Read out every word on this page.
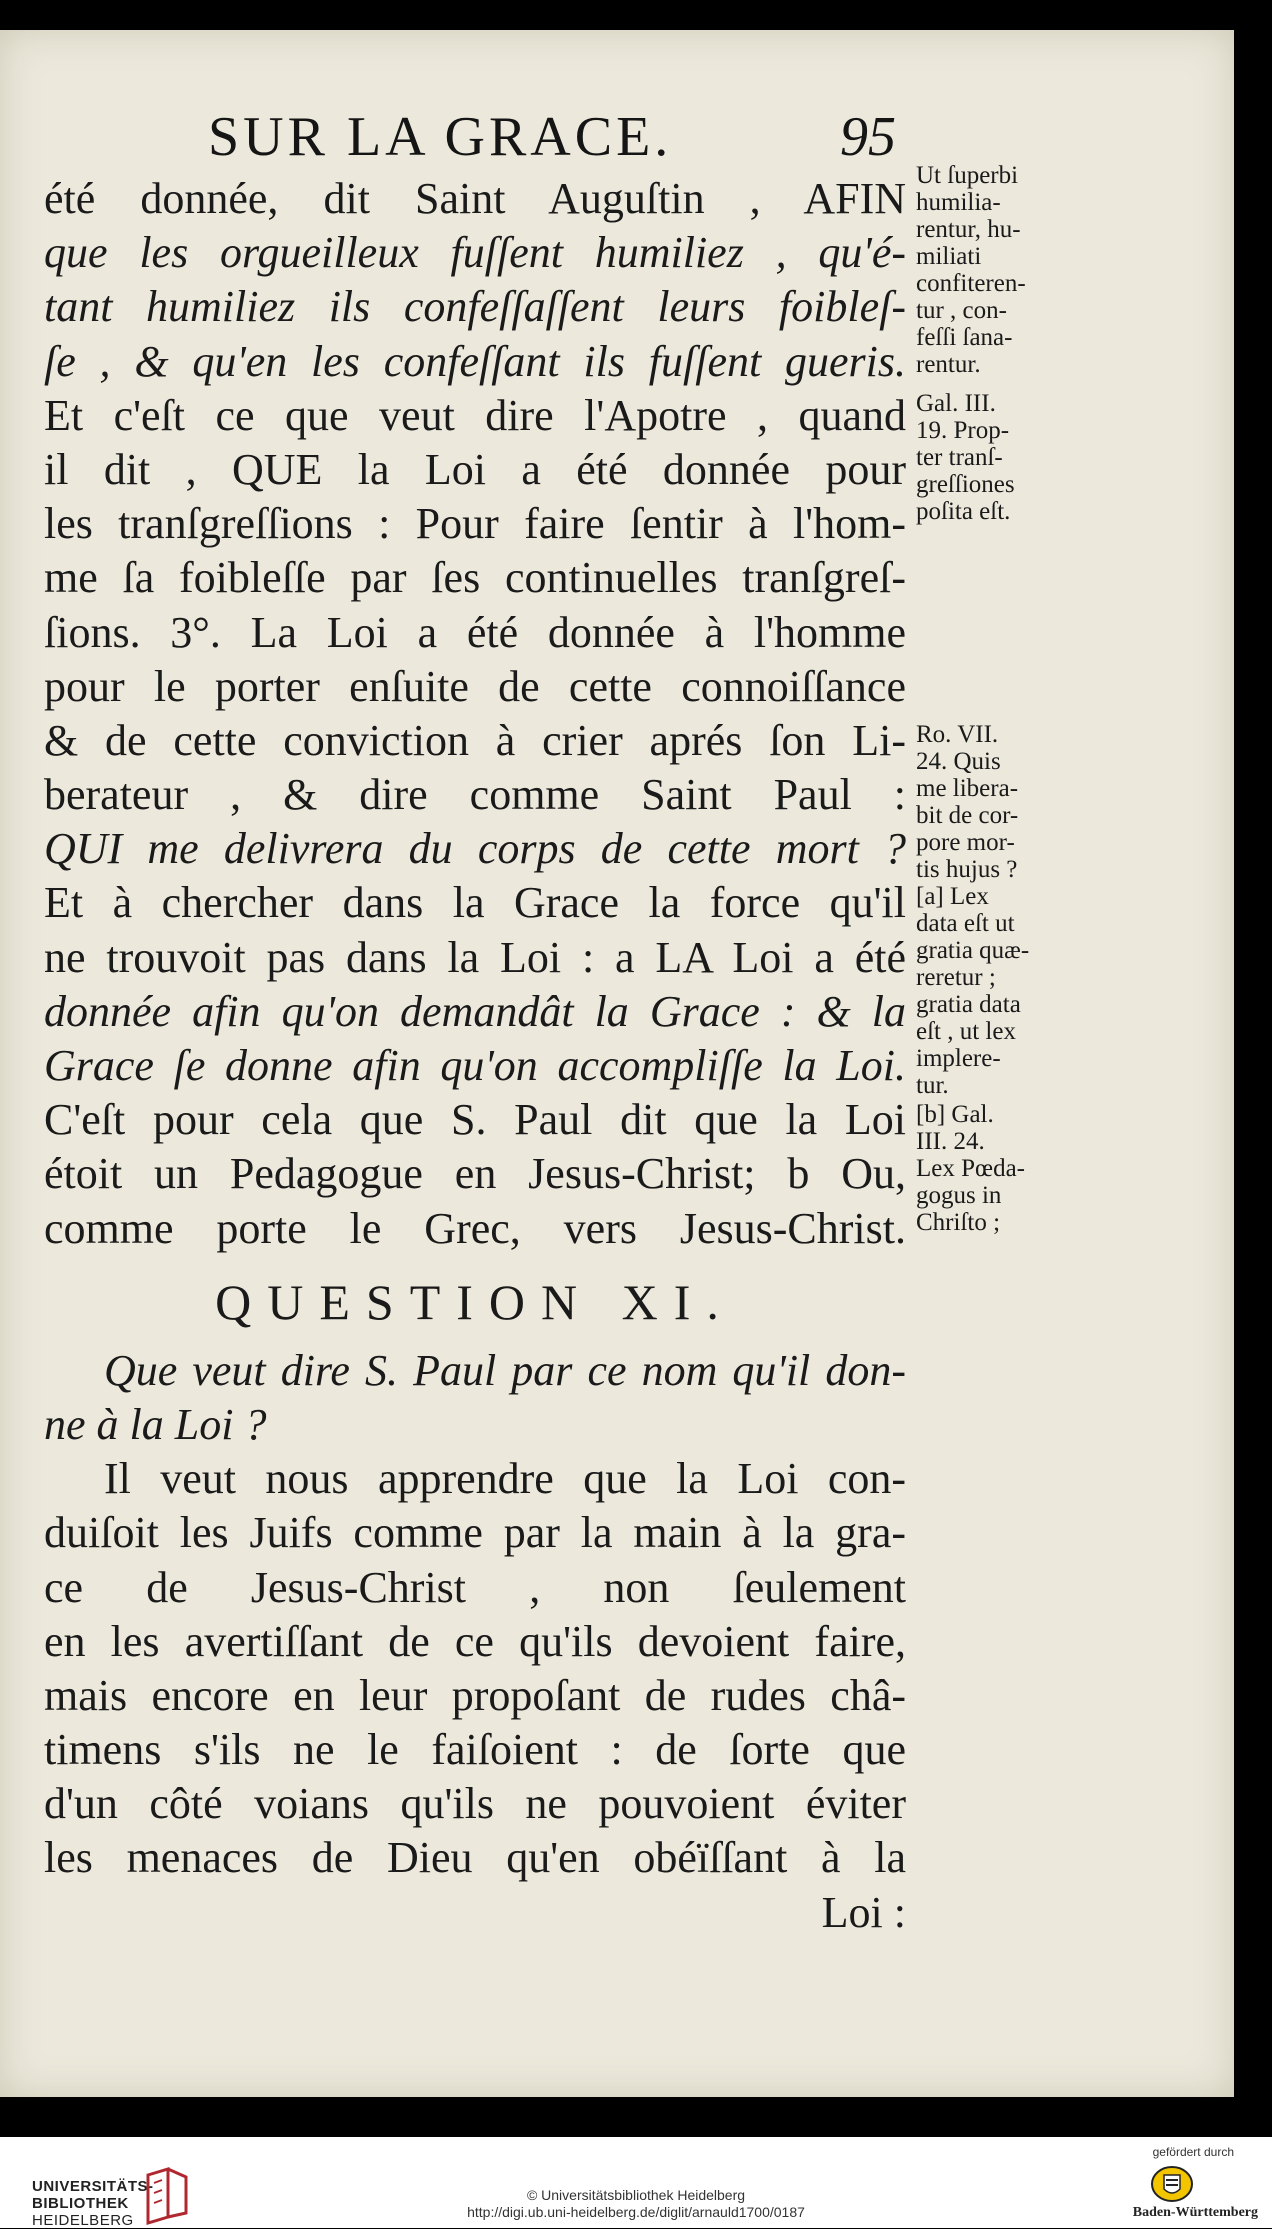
SUR LA GRACE.	95
été donnée, dit Saint Auguſtin , AFIN
que les orgueilleux fuſſent humiliez , qu'é-
tant humiliez ils confeſſaſſent leurs foibleſ-
ſe , & qu'en les confeſſant ils fuſſent gueris.
Et c'eſt ce que veut dire l'Apotre , quand
il dit , QUE la Loi a été donnée pour
les tranſgreſſions : Pour faire ſentir à l'hom-
me ſa foibleſſe par ſes continuelles tranſgreſ-
ſions. 3°. La Loi a été donnée à l'homme
pour le porter enſuite de cette connoiſſance
& de cette conviction à crier aprés ſon Li-
berateur , & dire comme Saint Paul :
QUI me delivrera du corps de cette mort ?
Et à chercher dans la Grace la force qu'il
ne trouvoit pas dans la Loi : a LA Loi a été
donnée afin qu'on demandât la Grace : & la
Grace ſe donne afin qu'on accompliſſe la Loi.
C'eſt pour cela que S. Paul dit que la Loi
étoit un Pedagogue en Jesus-Christ; b Ou,
comme porte le Grec, vers Jesus-Christ.
QUESTION XI.
Que veut dire S. Paul par ce nom qu'il don-
ne à la Loi ?
Il veut nous apprendre que la Loi con-
duiſoit les Juifs comme par la main à la gra-
ce de Jesus-Christ , non ſeulement
en les avertiſſant de ce qu'ils devoient faire,
mais encore en leur propoſant de rudes châ-
timens s'ils ne le faiſoient : de ſorte que
d'un côté voians qu'ils ne pouvoient éviter
les menaces de Dieu qu'en obéïſſant à la
Loi :
Ut ſuperbi
humilia-
rentur, hu-
miliati
confiteren-
tur , con-
feſſi ſana-
rentur.
Gal. III.
19. Prop-
ter tranſ-
greſſiones
poſita eſt.
Ro. VII.
24. Quis
me libera-
bit de cor-
pore mor-
tis hujus ?
[a] Lex
data eſt ut
gratia quæ-
reretur ;
gratia data
eſt , ut lex
implere-
tur.
[b] Gal.
III. 24.
Lex Pœda-
gogus in
Chriſto ;
UNIVERSITÄTS-
BIBLIOTHEK
HEIDELBERG
© Universitätsbibliothek Heidelberg
http://digi.ub.uni-heidelberg.de/diglit/arnauld1700/0187
gefördert durch
Baden-Württemberg
